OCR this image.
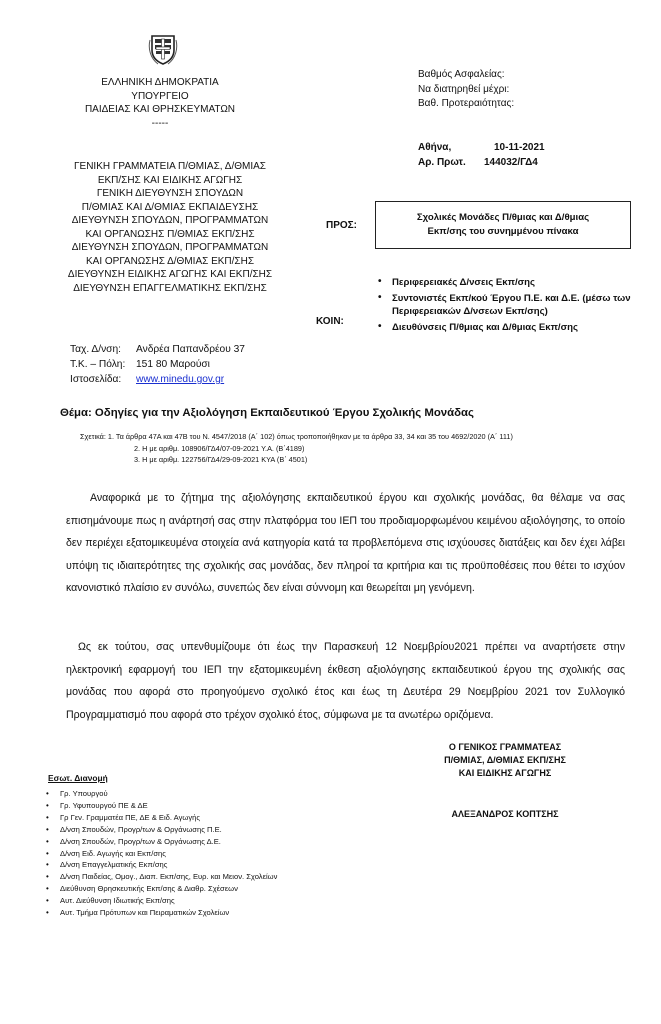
ΕΛΛΗΝΙΚΗ ΔΗΜΟΚΡΑΤΙΑ
ΥΠΟΥΡΓΕΙΟ
ΠΑΙΔΕΙΑΣ ΚΑΙ ΘΡΗΣΚΕΥΜΑΤΩΝ
-----
ΓΕΝΙΚΗ ΓΡΑΜΜΑΤΕΙΑ Π/ΘΜΙΑΣ, Δ/ΘΜΙΑΣ
ΕΚΠ/ΣΗΣ ΚΑΙ ΕΙΔΙΚΗΣ ΑΓΩΓΗΣ
ΓΕΝΙΚΗ ΔΙΕΥΘΥΝΣΗ ΣΠΟΥΔΩΝ
Π/ΘΜΙΑΣ ΚΑΙ Δ/ΘΜΙΑΣ ΕΚΠΑΙΔΕΥΣΗΣ
ΔΙΕΥΘΥΝΣΗ ΣΠΟΥΔΩΝ, ΠΡΟΓΡΑΜΜΑΤΩΝ
ΚΑΙ ΟΡΓΑΝΩΣΗΣ Π/ΘΜΙΑΣ ΕΚΠ/ΣΗΣ
ΔΙΕΥΘΥΝΣΗ ΣΠΟΥΔΩΝ, ΠΡΟΓΡΑΜΜΑΤΩΝ
ΚΑΙ ΟΡΓΑΝΩΣΗΣ Δ/ΘΜΙΑΣ ΕΚΠ/ΣΗΣ
ΔΙΕΥΘΥΝΣΗ ΕΙΔΙΚΗΣ ΑΓΩΓΗΣ ΚΑΙ ΕΚΠ/ΣΗΣ
ΔΙΕΥΘΥΝΣΗ ΕΠΑΓΓΕΛΜΑΤΙΚΗΣ ΕΚΠ/ΣΗΣ
Βαθμός Ασφαλείας:
Να διατηρηθεί μέχρι:
Βαθ. Προτεραιότητας:
Αθήνα,	10-11-2021
Αρ. Πρωτ. 144032/ΓΔ4
ΠΡΟΣ:
Σχολικές Μονάδες Π/θμιας και Δ/θμιας
Εκπ/σης του συνημμένου πίνακα
ΚΟΙΝ:
• Περιφερειακές Δ/νσεις Εκπ/σης
• Συντονιστές Εκπ/κού Έργου Π.Ε. και Δ.Ε. (μέσω των Περιφερειακών Δ/νσεων Εκπ/σης)
• Διευθύνσεις Π/θμιας και Δ/θμιας Εκπ/σης
Ταχ. Δ/νση: Ανδρέα Παπανδρέου 37
Τ.Κ. – Πόλη: 151 80 Μαρούσι
Ιστοσελίδα: www.minedu.gov.gr
Θέμα: Οδηγίες για την Αξιολόγηση Εκπαιδευτικού Έργου Σχολικής Μονάδας
Σχετικά: 1. Τα άρθρα 47Α και 47Β του Ν. 4547/2018 (Α΄ 102) όπως τροποποιήθηκαν με τα άρθρα 33, 34 και 35 του 4692/2020 (Α΄ 111)
2. Η με αριθμ. 108906/ΓΔ4/07-09-2021 Υ.Α. (Β΄4189)
3. Η με αριθμ. 122756/ΓΔ4/29-09-2021 ΚΥΑ (Β΄ 4501)
Αναφορικά με το ζήτημα της αξιολόγησης εκπαιδευτικού έργου και σχολικής μονάδας, θα θέλαμε να σας επισημάνουμε πως η ανάρτησή σας στην πλατφόρμα του ΙΕΠ του προδιαμορφωμένου κειμένου αξιολόγησης, το οποίο δεν περιέχει εξατομικευμένα στοιχεία ανά κατηγορία κατά τα προβλεπόμενα στις ισχύουσες διατάξεις και δεν έχει λάβει υπόψη τις ιδιαιτερότητες της σχολικής σας μονάδας, δεν πληροί τα κριτήρια και τις προϋποθέσεις που θέτει το ισχύον κανονιστικό πλαίσιο εν συνόλω, συνεπώς δεν είναι σύννομη και θεωρείται μη γενόμενη.
Ως εκ τούτου, σας υπενθυμίζουμε ότι έως την Παρασκευή 12 Νοεμβρίου2021 πρέπει να αναρτήσετε στην ηλεκτρονική εφαρμογή του ΙΕΠ την εξατομικευμένη έκθεση αξιολόγησης εκπαιδευτικού έργου της σχολικής σας μονάδας που αφορά στο προηγούμενο σχολικό έτος και έως τη Δευτέρα 29 Νοεμβρίου 2021 τον Συλλογικό Προγραμματισμό που αφορά στο τρέχον σχολικό έτος, σύμφωνα με τα ανωτέρω οριζόμενα.
Ο ΓΕΝΙΚΟΣ ΓΡΑΜΜΑΤΕΑΣ
Π/ΘΜΙΑΣ, Δ/ΘΜΙΑΣ ΕΚΠ/ΣΗΣ
ΚΑΙ ΕΙΔΙΚΗΣ ΑΓΩΓΗΣ
ΑΛΕΞΑΝΔΡΟΣ ΚΟΠΤΣΗΣ
Εσωτ. Διανομή
• Γρ. Υπουργού
• Γρ. Υφυπουργού ΠΕ & ΔΕ
• Γρ Γεν. Γραμματέα ΠΕ, ΔΕ & Ειδ. Αγωγής
• Δ/νση Σπουδών, Προγρ/των & Οργάνωσης Π.Ε.
• Δ/νση Σπουδών, Προγρ/των & Οργάνωσης Δ.Ε.
• Δ/νση Ειδ. Αγωγής και Εκπ/σης
• Δ/νση Επαγγελματικής Εκπ/σης
• Δ/νση Παιδείας, Ομογ., Διαπ. Εκπ/σης, Ευρ. και Μειον. Σχολείων
• Διεύθυνση Θρησκευτικής Εκπ/σης & Διαθρ. Σχέσεων
• Αυτ. Διεύθυνση Ιδιωτικής Εκπ/σης
• Αυτ. Τμήμα Πρότυπων και Πειραματικών Σχολείων
